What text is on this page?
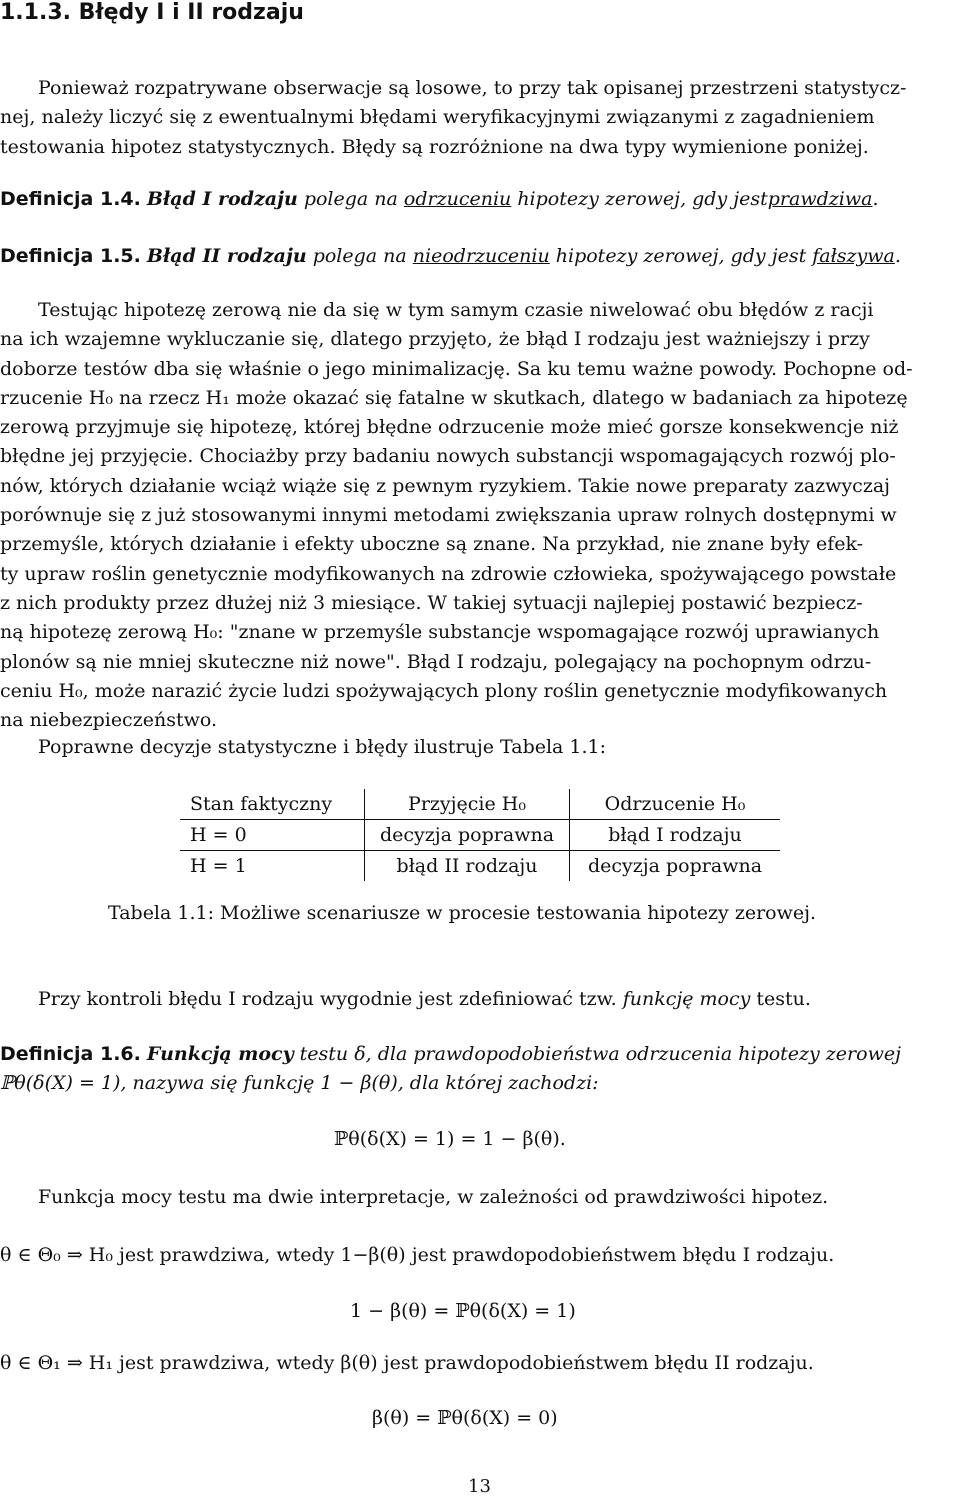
1.1.3. Błędy I i II rodzaju
Ponieważ rozpatrywane obserwacje są losowe, to przy tak opisanej przestrzeni statystycz-
nej, należy liczyć się z ewentualnymi błędami weryfikacyjnymi związanymi z zagadnieniem
testowania hipotez statystycznych. Błędy są rozróżnione na dwa typy wymienione poniżej.
Definicja 1.4. Błąd I rodzaju polega na odrzuceniu hipotezy zerowej, gdy jestprawdziwa.
Definicja 1.5. Błąd II rodzaju polega na nieodrzuceniu hipotezy zerowej, gdy jest fałszywa.
Testując hipotezę zerową nie da się w tym samym czasie niwelować obu błędów z racji
na ich wzajemne wykluczanie się, dlatego przyjęto, że błąd I rodzaju jest ważniejszy i przy
doborze testów dba się właśnie o jego minimalizację. Sa ku temu ważne powody. Pochopne od-
rzucenie H₀ na rzecz H₁ może okazać się fatalne w skutkach, dlatego w badaniach za hipotezę
zerową przyjmuje się hipotezę, której błędne odrzucenie może mieć gorsze konsekwencje niż
błędne jej przyjęcie. Chociażby przy badaniu nowych substancji wspomagających rozwój plo-
nów, których działanie wciąż wiąże się z pewnym ryzykiem. Takie nowe preparaty zazwyczaj
porównuje się z już stosowanymi innymi metodami zwiększania upraw rolnych dostępnymi w
przemyśle, których działanie i efekty uboczne są znane. Na przykład, nie znane były efek-
ty upraw roślin genetycznie modyfikowanych na zdrowie człowieka, spożywającego powstałe
z nich produkty przez dłużej niż 3 miesiące. W takiej sytuacji najlepiej postawić bezpiecz-
ną hipotezę zerową H₀: "znane w przemyśle substancje wspomagające rozwój uprawianych
plonów są nie mniej skuteczne niż nowe". Błąd I rodzaju, polegający na pochopnym odrzu-
ceniu H₀, może narazić życie ludzi spożywających plony roślin genetycznie modyfikowanych
na niebezpieczeństwo.
Poprawne decyzje statystyczne i błędy ilustruje Tabela 1.1:
Stan faktyczny	Przyjęcie H₀	Odrzucenie H₀
H = 0	decyzja poprawna	błąd I rodzaju
H = 1	błąd II rodzaju	decyzja poprawna
Tabela 1.1: Możliwe scenariusze w procesie testowania hipotezy zerowej.
Przy kontroli błędu I rodzaju wygodnie jest zdefiniować tzw. funkcję mocy testu.
Definicja 1.6. Funkcją mocy testu δ, dla prawdopodobieństwa odrzucenia hipotezy zerowej
ℙθ(δ(X) = 1), nazywa się funkcję 1 − β(θ), dla której zachodzi:
ℙθ(δ(X) = 1) = 1 − β(θ).
Funkcja mocy testu ma dwie interpretacje, w zależności od prawdziwości hipotez.
θ ∈ Θ₀ ⇒ H₀ jest prawdziwa, wtedy 1−β(θ) jest prawdopodobieństwem błędu I rodzaju.
1 − β(θ) = ℙθ(δ(X) = 1)
θ ∈ Θ₁ ⇒ H₁ jest prawdziwa, wtedy β(θ) jest prawdopodobieństwem błędu II rodzaju.
β(θ) = ℙθ(δ(X) = 0)
13
